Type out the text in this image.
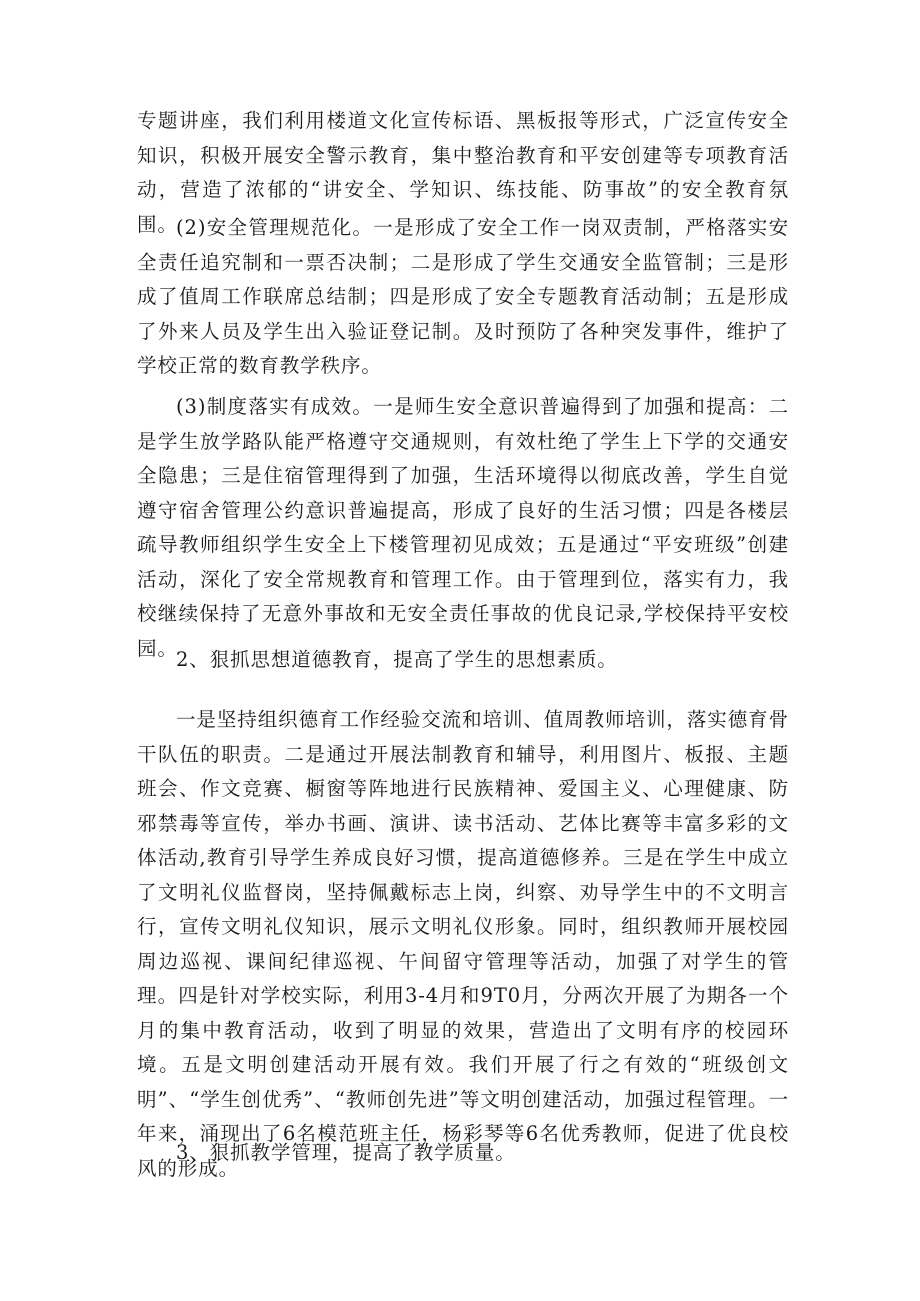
专题讲座，我们利用楼道文化宣传标语、黑板报等形式，广泛宣传安全知识，积极开展安全警示教育，集中整治教育和平安创建等专项教育活动，营造了浓郁的“讲安全、学知识、练技能、防事故”的安全教育氛围。

(2)安全管理规范化。一是形成了安全工作一岗双责制，严格落实安全责任追究制和一票否决制；二是形成了学生交通安全监管制；三是形成了值周工作联席总结制；四是形成了安全专题教育活动制；五是形成了外来人员及学生出入验证登记制。及时预防了各种突发事件，维护了学校正常的数育教学秩序。

(3)制度落实有成效。一是师生安全意识普遍得到了加强和提高：二是学生放学路队能严格遵守交通规则，有效杜绝了学生上下学的交通安全隐患；三是住宿管理得到了加强，生活环境得以彻底改善，学生自觉遵守宿舍管理公约意识普遍提高，形成了良好的生活习惯；四是各楼层疏导教师组织学生安全上下楼管理初见成效；五是通过“平安班级”创建活动，深化了安全常规教育和管理工作。由于管理到位，落实有力，我校继续保持了无意外事故和无安全责任事故的优良记录,学校保持平安校园。

2、狠抓思想道德教育，提高了学生的思想素质。

一是坚持组织德育工作经验交流和培训、值周教师培训，落实德育骨干队伍的职责。二是通过开展法制教育和辅导，利用图片、板报、主题班会、作文竞赛、橱窗等阵地进行民族精神、爱国主义、心理健康、防邪禁毒等宣传，举办书画、演讲、读书活动、艺体比赛等丰富多彩的文体活动,教育引导学生养成良好习惯，提高道德修养。三是在学生中成立了文明礼仪监督岗，坚持佩戴标志上岗，纠察、劝导学生中的不文明言行，宣传文明礼仪知识，展示文明礼仪形象。同时，组织教师开展校园周边巡视、课间纪律巡视、午间留守管理等活动，加强了对学生的管理。四是针对学校实际，利用3-4月和9T0月，分两次开展了为期各一个月的集中教育活动，收到了明显的效果，营造出了文明有序的校园环境。五是文明创建活动开展有效。我们开展了行之有效的“班级创文明”、“学生创优秀”、“教师创先进”等文明创建活动，加强过程管理。一年来，涌现出了6名模范班主任，杨彩琴等6名优秀教师，促进了优良校风的形成。

3、狠抓教学管理，提高了教学质量。
